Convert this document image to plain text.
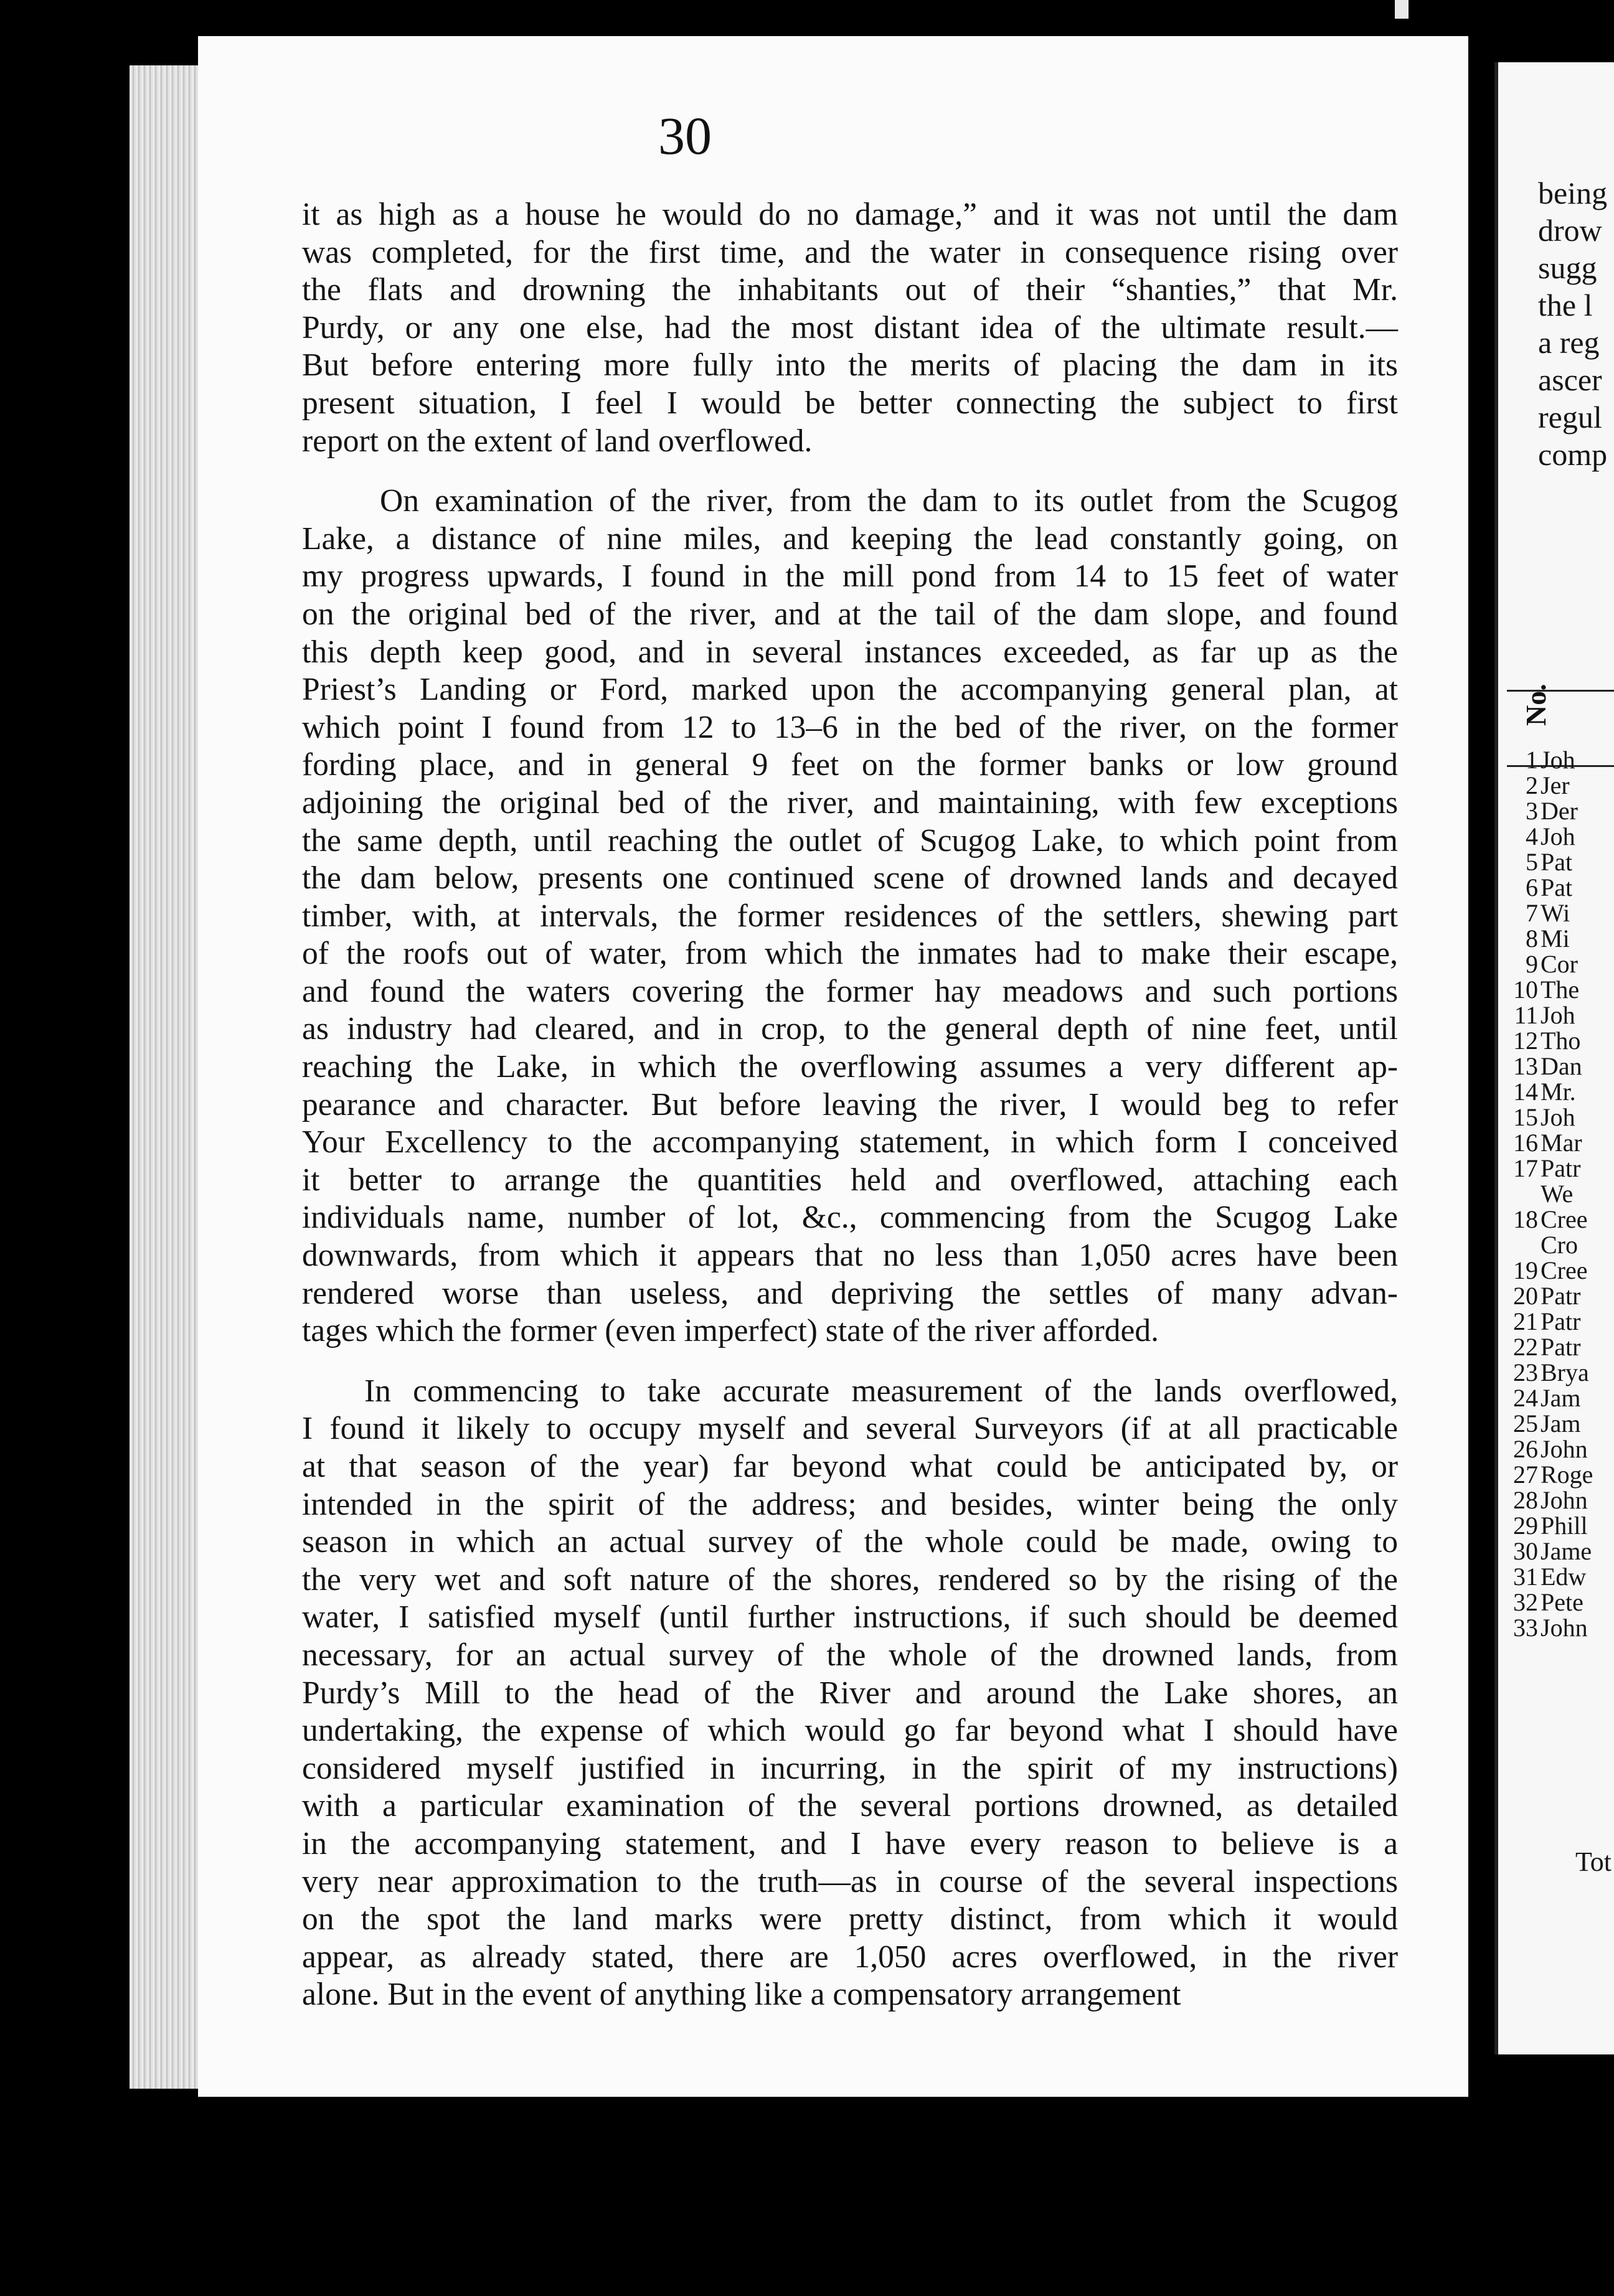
30
it as high as a house he would do no damage,” and it was not until the dam
was completed, for the first time, and the water in consequence rising over
the flats and drowning the inhabitants out of their “shanties,” that Mr.
Purdy, or any one else, had the most distant idea of the ultimate result.—
But before entering more fully into the merits of placing the dam in its
present situation, I feel I would be better connecting the subject to first
report on the extent of land overflowed.
On examination of the river, from the dam to its outlet from the Scugog
Lake, a distance of nine miles, and keeping the lead constantly going, on
my progress upwards, I found in the mill pond from 14 to 15 feet of water
on the original bed of the river, and at the tail of the dam slope, and found
this depth keep good, and in several instances exceeded, as far up as the
Priest’s Landing or Ford, marked upon the accompanying general plan, at
which point I found from 12 to 13–6 in the bed of the river, on the former
fording place, and in general 9 feet on the former banks or low ground
adjoining the original bed of the river, and maintaining, with few exceptions
the same depth, until reaching the outlet of Scugog Lake, to which point from
the dam below, presents one continued scene of drowned lands and decayed
timber, with, at intervals, the former residences of the settlers, shewing part
of the roofs out of water, from which the inmates had to make their escape,
and found the waters covering the former hay meadows and such portions
as industry had cleared, and in crop, to the general depth of nine feet, until
reaching the Lake, in which the overflowing assumes a very different ap-
pearance and character. But before leaving the river, I would beg to refer
Your Excellency to the accompanying statement, in which form I conceived
it better to arrange the quantities held and overflowed, attaching each
individuals name, number of lot, &c., commencing from the Scugog Lake
downwards, from which it appears that no less than 1,050 acres have been
rendered worse than useless, and depriving the settles of many advan-
tages which the former (even imperfect) state of the river afforded.
In commencing to take accurate measurement of the lands overflowed,
I found it likely to occupy myself and several Surveyors (if at all practicable
at that season of the year) far beyond what could be anticipated by, or
intended in the spirit of the address; and besides, winter being the only
season in which an actual survey of the whole could be made, owing to
the very wet and soft nature of the shores, rendered so by the rising of the
water, I satisfied myself (until further instructions, if such should be deemed
necessary, for an actual survey of the whole of the drowned lands, from
Purdy’s Mill to the head of the River and around the Lake shores, an
undertaking, the expense of which would go far beyond what I should have
considered myself justified in incurring, in the spirit of my instructions)
with a particular examination of the several portions drowned, as detailed
in the accompanying statement, and I have every reason to believe is a
very near approximation to the truth—as in course of the several inspections
on the spot the land marks were pretty distinct, from which it would
appear, as already stated, there are 1,050 acres overflowed, in the river
alone. But in the event of anything like a compensatory arrangement
being
drow
sugg
the l
a reg
ascer
regul
comp
No.
1 Joh
2 Jer
3 Der
4 Joh
5 Pat
6 Pat
7 Wi
8 Mi
9 Cor
10 The
11 Joh
12 Tho
13 Dan
14 Mr.
15 Joh
16 Mar
17 Patr
We
18 Cree
Cro
19 Cree
20 Patr
21 Patr
22 Patr
23 Brya
24 Jam
25 Jam
26 John
27 Roge
28 John
29 Phill
30 Jame
31 Edw
32 Pete
33 John
Tot
